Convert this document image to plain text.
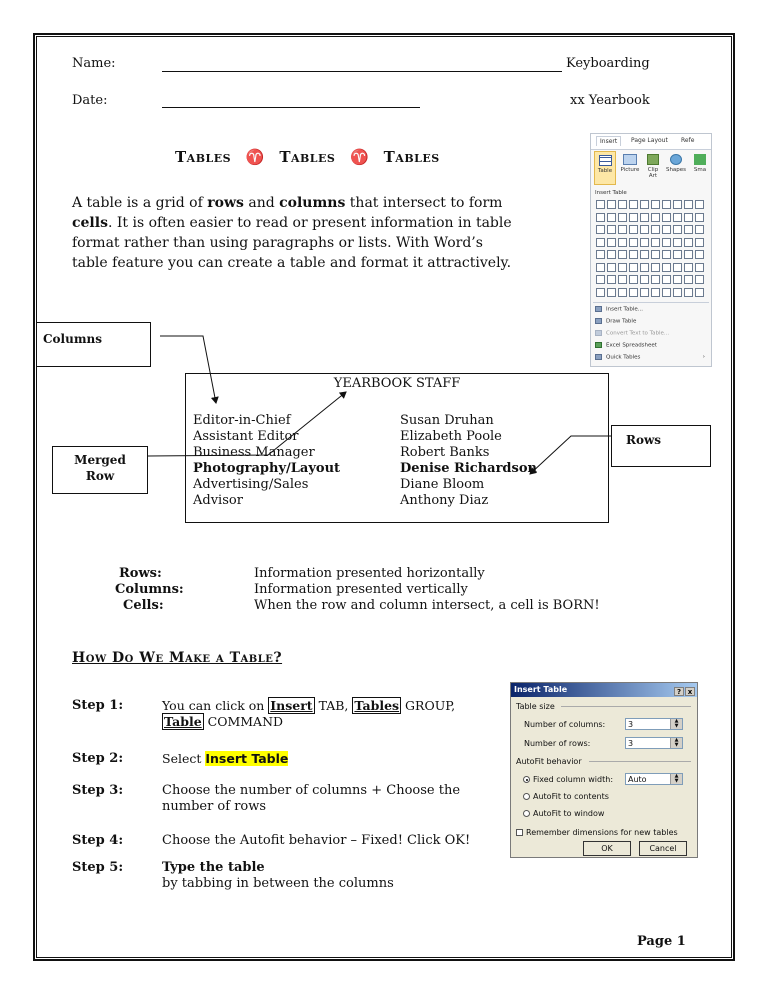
Name:	Keyboarding
Date:	xx Yearbook
Tables ♈ Tables ♈ Tables
A table is a grid of rows and columns that intersect to form
cells. It is often easier to read or present information in table
format rather than using paragraphs or lists. With Word’s
table feature you can create a table and format it attractively.
Insert	Page Layout Refe
Table	Picture	Clip Art
Shapes	Sma
Insert Table
Insert Table...
Draw Table
Convert Text to Table...
Excel Spreadsheet
Quick Tables	›
Columns
YEARBOOK STAFF
Editor-in-Chief	Susan Druhan
Assistant Editor	Elizabeth Poole
Business Manager	Robert Banks
Photography/Layout	Denise Richardson
Advertising/Sales	Diane Bloom
Advisor	Anthony Diaz
Merged Row
Rows
Rows:	Information presented horizontally
Columns:	Information presented vertically
Cells:	When the row and column intersect, a cell is BORN!
How Do We Make a Table?
Step 1:	You can click on Insert TAB, Tables GROUP,
Table COMMAND
Step 2:	Select Insert Table
Step 3:	Choose the number of columns + Choose the
number of rows
Step 4:	Choose the Autofit behavior – Fixed! Click OK!
Step 5:	Type the table
by tabbing in between the columns
Insert Table	? x
Table size
Number of columns:	3	▲
▼
Number of rows:	3	▲
▼
AutoFit behavior
Fixed column width:	Auto	▲
▼
AutoFit to contents
AutoFit to window
Remember dimensions for new tables
OK	Cancel
Page 1
